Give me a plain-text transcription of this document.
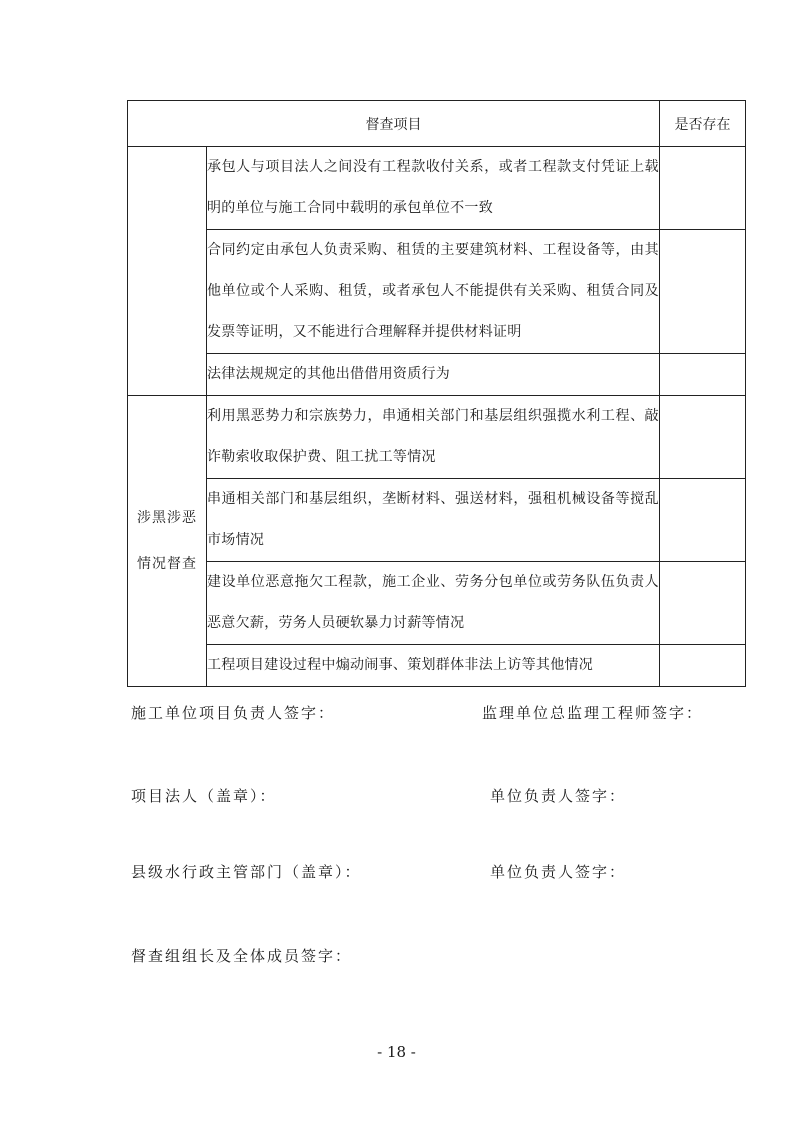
督查项目		是否存在
	承包人与项目法人之间没有工程款收付关系，或者工程款支付凭证上载明的单位与施工合同中载明的承包单位不一致	
	合同约定由承包人负责采购、租赁的主要建筑材料、工程设备等，由其他单位或个人采购、租赁，或者承包人不能提供有关采购、租赁合同及发票等证明，又不能进行合理解释并提供材料证明	
	法律法规规定的其他出借借用资质行为	

涉黑涉恶
情况督查	利用黑恶势力和宗族势力，串通相关部门和基层组织强揽水利工程、敲诈勒索收取保护费、阻工扰工等情况	
	串通相关部门和基层组织，垄断材料、强送材料，强租机械设备等搅乱市场情况	
	建设单位恶意拖欠工程款，施工企业、劳务分包单位或劳务队伍负责人恶意欠薪，劳务人员硬软暴力讨薪等情况	
	工程项目建设过程中煽动闹事、策划群体非法上访等其他情况	
施工单位项目负责人签字：	监理单位总监理工程师签字：
项目法人（盖章）：	单位负责人签字：
县级水行政主管部门（盖章）：	单位负责人签字：
督查组组长及全体成员签字：
- 18 -
